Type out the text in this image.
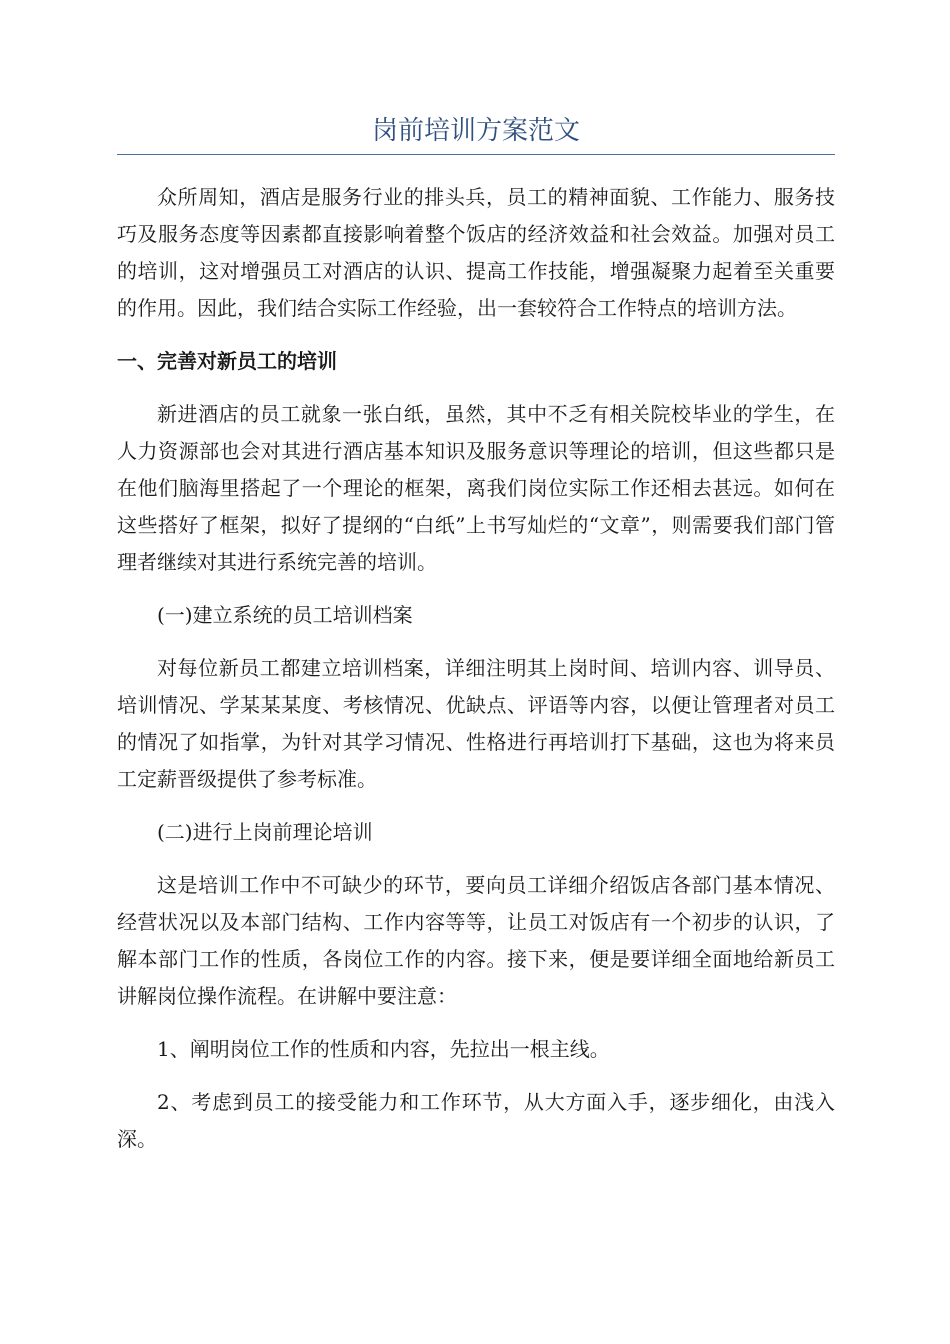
岗前培训方案范文

众所周知，酒店是服务行业的排头兵，员工的精神面貌、工作能力、服务技巧及服务态度等因素都直接影响着整个饭店的经济效益和社会效益。加强对员工的培训，这对增强员工对酒店的认识、提高工作技能，增强凝聚力起着至关重要的作用。因此，我们结合实际工作经验，出一套较符合工作特点的培训方法。

一、完善对新员工的培训

新进酒店的员工就象一张白纸，虽然，其中不乏有相关院校毕业的学生，在人力资源部也会对其进行酒店基本知识及服务意识等理论的培训，但这些都只是在他们脑海里搭起了一个理论的框架，离我们岗位实际工作还相去甚远。如何在这些搭好了框架，拟好了提纲的“白纸”上书写灿烂的“文章”，则需要我们部门管理者继续对其进行系统完善的培训。

(一)建立系统的员工培训档案

对每位新员工都建立培训档案，详细注明其上岗时间、培训内容、训导员、培训情况、学某某某度、考核情况、优缺点、评语等内容，以便让管理者对员工的情况了如指掌，为针对其学习情况、性格进行再培训打下基础，这也为将来员工定薪晋级提供了参考标准。

(二)进行上岗前理论培训

这是培训工作中不可缺少的环节，要向员工详细介绍饭店各部门基本情况、经营状况以及本部门结构、工作内容等等，让员工对饭店有一个初步的认识，了解本部门工作的性质，各岗位工作的内容。接下来，便是要详细全面地给新员工讲解岗位操作流程。在讲解中要注意：

1、阐明岗位工作的性质和内容，先拉出一根主线。

2、考虑到员工的接受能力和工作环节，从大方面入手，逐步细化，由浅入深。
